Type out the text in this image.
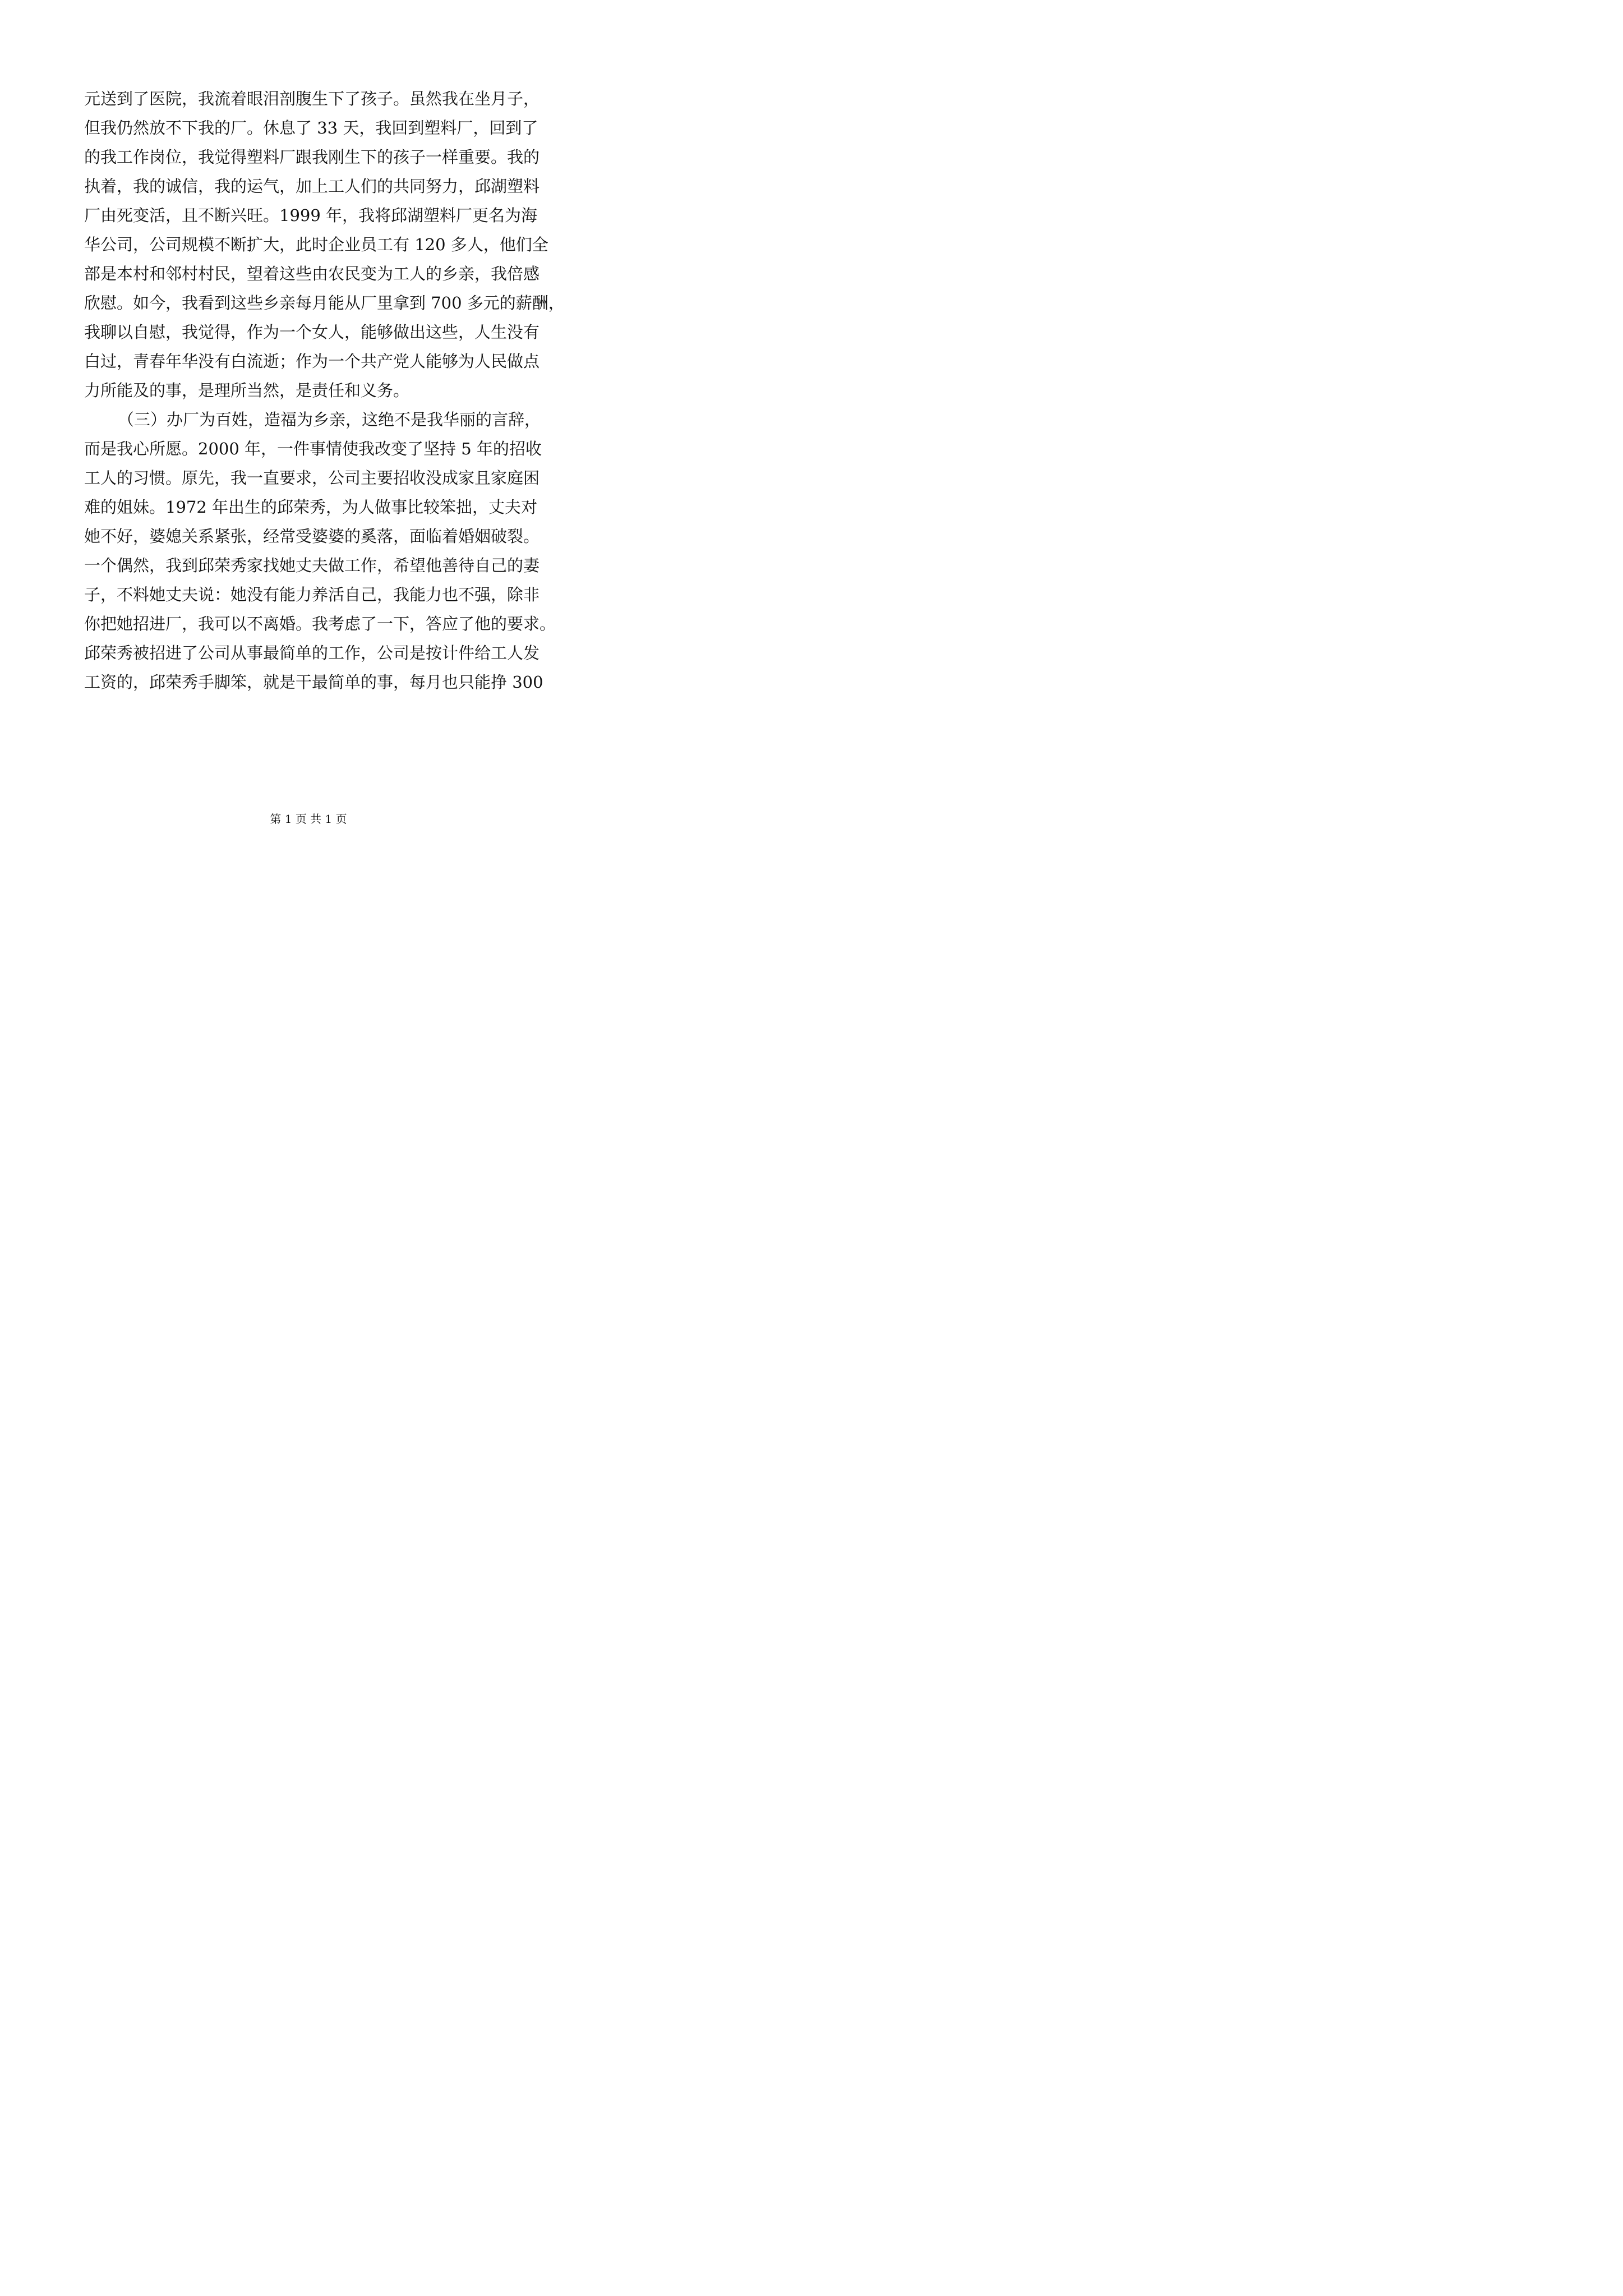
元送到了医院，我流着眼泪剖腹生下了孩子。虽然我在坐月子，
但我仍然放不下我的厂。休息了 33 天，我回到塑料厂，回到了
的我工作岗位，我觉得塑料厂跟我刚生下的孩子一样重要。我的
执着，我的诚信，我的运气，加上工人们的共同努力，邱湖塑料
厂由死变活，且不断兴旺。1999 年，我将邱湖塑料厂更名为海
华公司，公司规模不断扩大，此时企业员工有 120 多人，他们全
部是本村和邻村村民，望着这些由农民变为工人的乡亲，我倍感
欣慰。如今，我看到这些乡亲每月能从厂里拿到 700 多元的薪酬，
我聊以自慰，我觉得，作为一个女人，能够做出这些，人生没有
白过，青春年华没有白流逝；作为一个共产党人能够为人民做点
力所能及的事，是理所当然，是责任和义务。
（三）办厂为百姓，造福为乡亲，这绝不是我华丽的言辞，
而是我心所愿。2000 年，一件事情使我改变了坚持 5 年的招收
工人的习惯。原先，我一直要求，公司主要招收没成家且家庭困
难的姐妹。1972 年出生的邱荣秀，为人做事比较笨拙，丈夫对
她不好，婆媳关系紧张，经常受婆婆的奚落，面临着婚姻破裂。
一个偶然，我到邱荣秀家找她丈夫做工作，希望他善待自己的妻
子，不料她丈夫说：她没有能力养活自己，我能力也不强，除非
你把她招进厂，我可以不离婚。我考虑了一下，答应了他的要求。
邱荣秀被招进了公司从事最简单的工作，公司是按计件给工人发
工资的，邱荣秀手脚笨，就是干最简单的事，每月也只能挣 300
第 1 页 共 1 页
